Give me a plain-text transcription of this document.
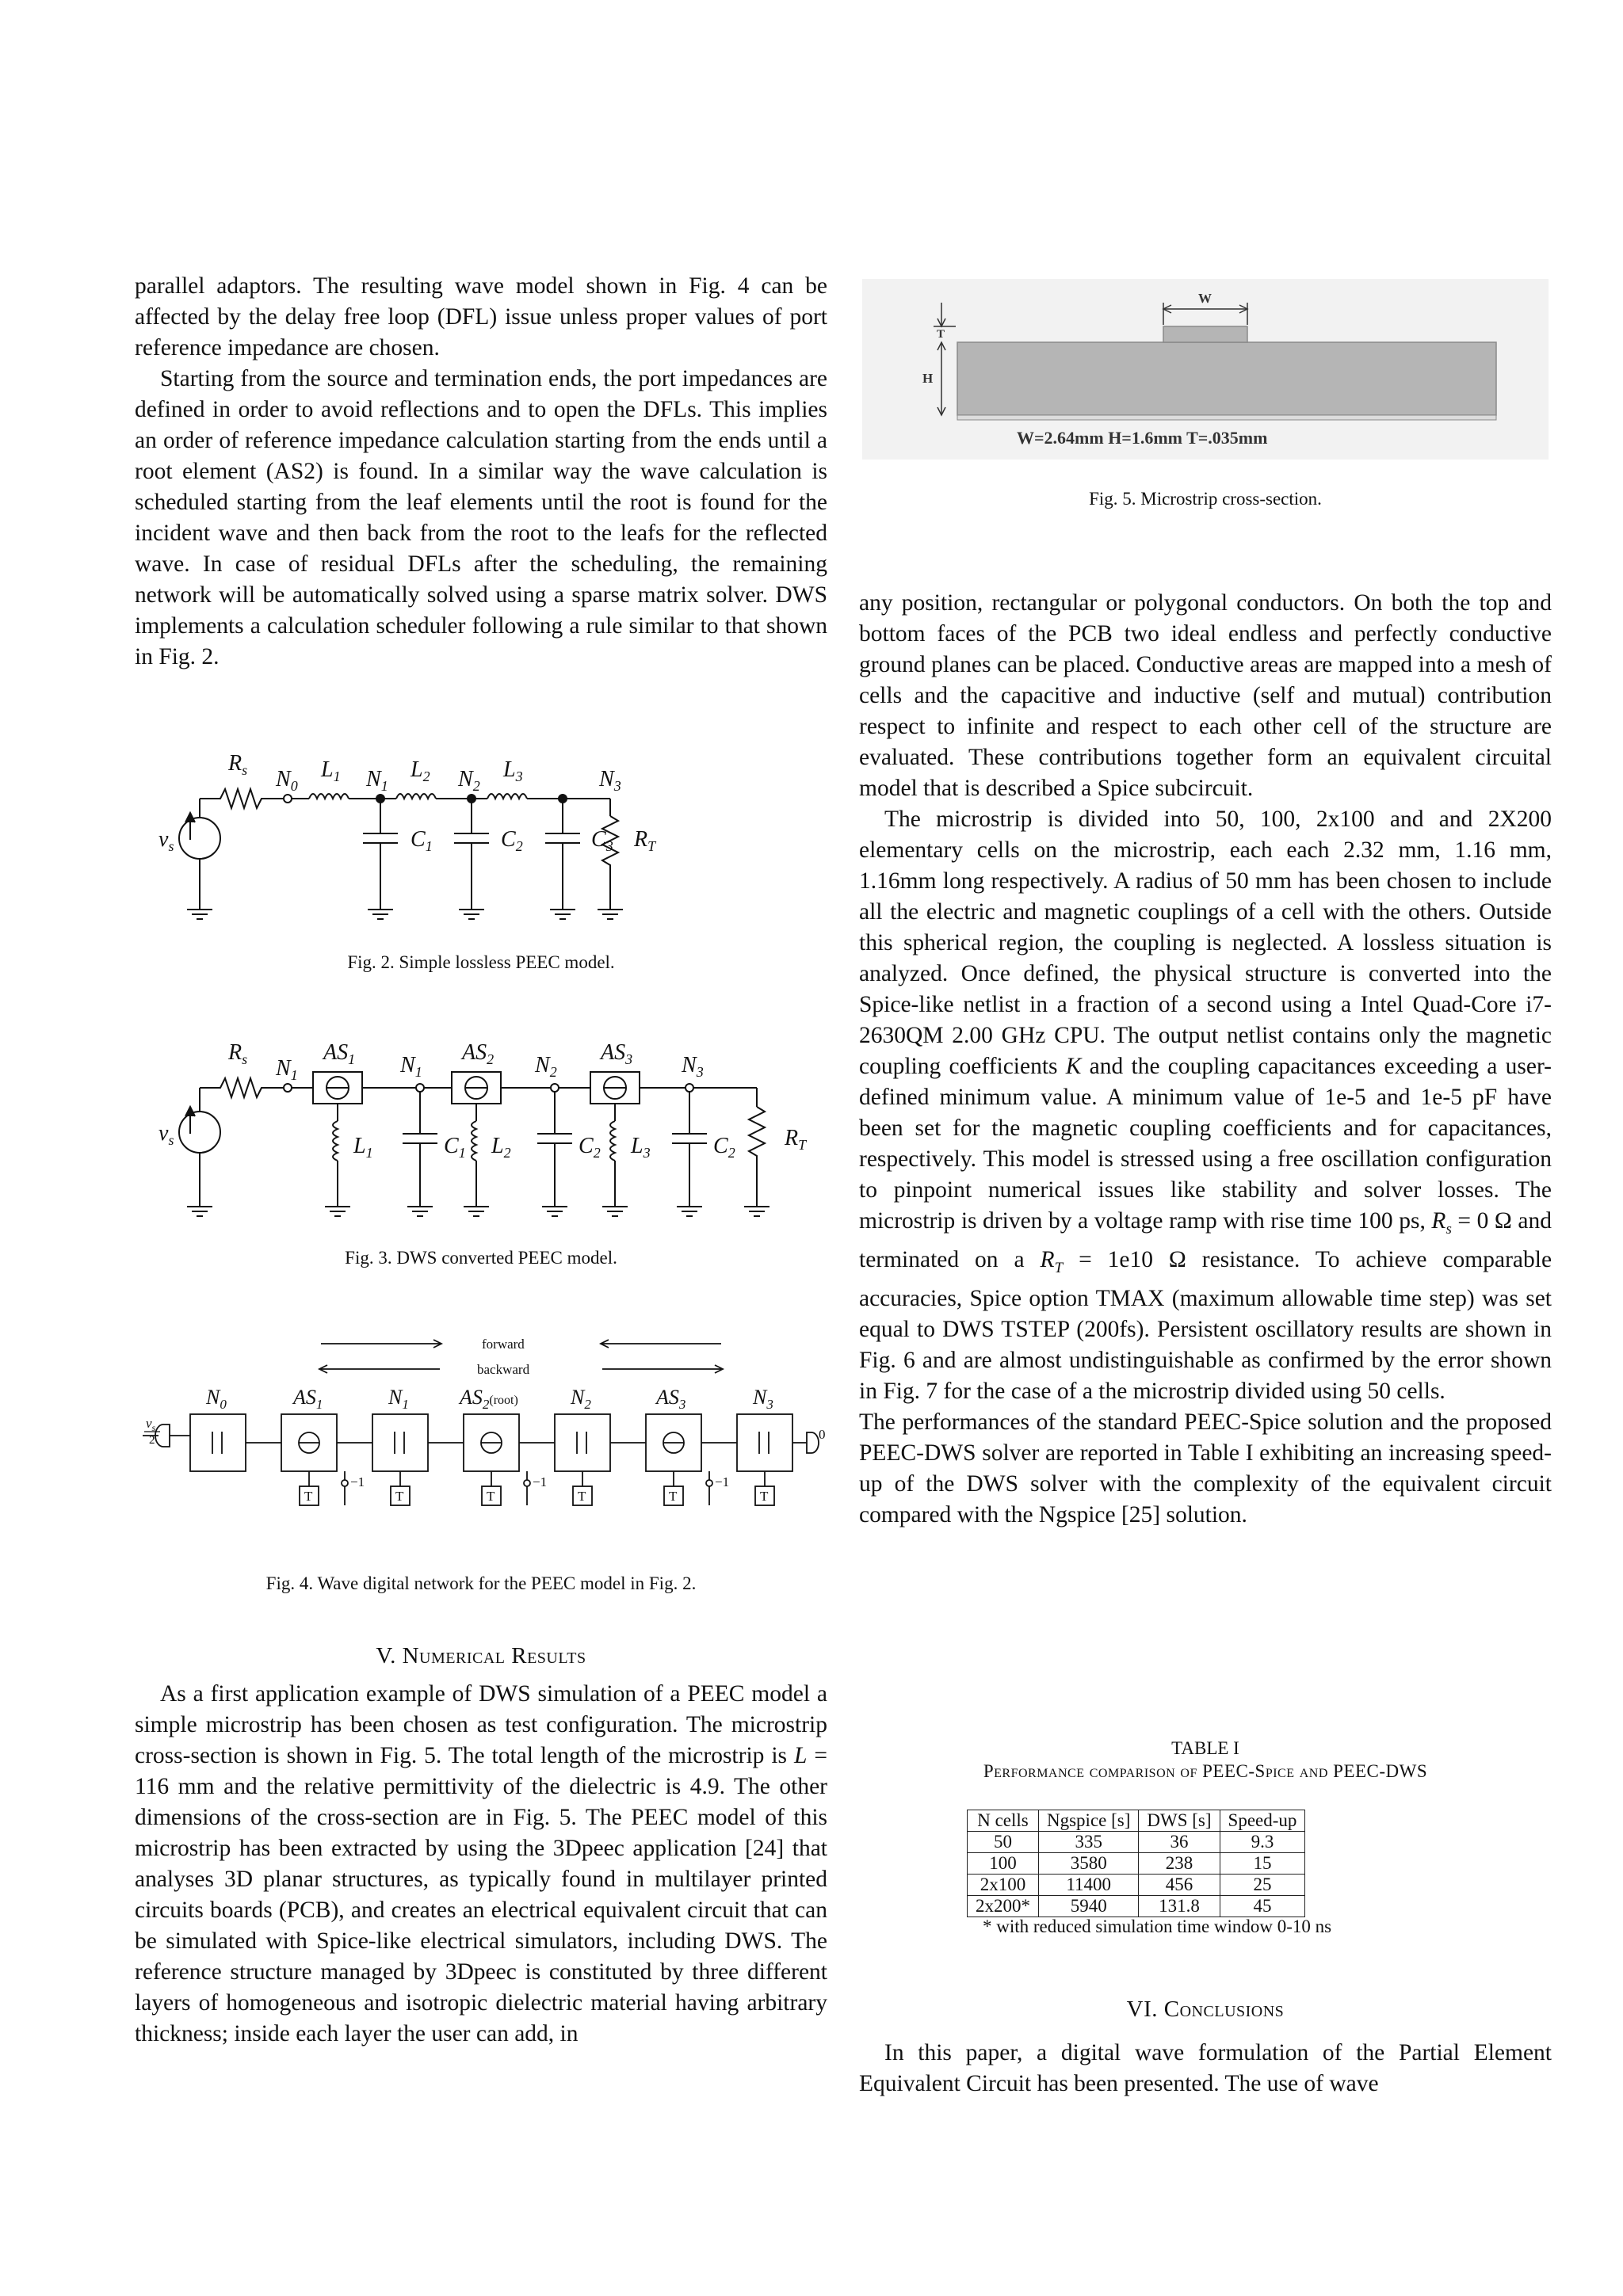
parallel adaptors. The resulting wave model shown in Fig. 4 can be affected by the delay free loop (DFL) issue unless proper values of port reference impedance are chosen.

Starting from the source and termination ends, the port impedances are defined in order to avoid reflections and to open the DFLs. This implies an order of reference impedance calculation starting from the ends until a root element (AS2) is found. In a similar way the wave calculation is scheduled starting from the leaf elements until the root is found for the incident wave and then back from the root to the leafs for the reflected wave. In case of residual DFLs after the scheduling, the remaining network will be automatically solved using a sparse matrix solver. DWS implements a calculation scheduler following a rule similar to that shown in Fig. 2.

$v_s$
$R_s$ $N_0$
$L_1$ $N_1$
$L_2$ $N_2$
$L_3$	$N_3$
$C_1$	$C_2$	$C_3$ $R_T$
Fig. 2. Simple lossless PEEC model.
$v_s$
$R_s$ $N_1$
$AS_1$ $N_1$
$AS_2$ $N_2$
$AS_3$ $N_3$
$L_1$	$C_1$ $L_2$	$C_2$ $L_3$	$C_2$
$R_T$
Fig. 3. DWS converted PEEC model.
forward
backward
T	T	T	T	T	T
−1	−1	−1
0
$N_0$	$AS_1$	$N_1$ $AS_2^{(root)}$	$N_2$	$AS_3$	$N_3$
$v_s$
2
Fig. 4. Wave digital network for the PEEC model in Fig. 2.
V. Numerical Results

As a first application example of DWS simulation of a PEEC model a simple microstrip has been chosen as test configuration. The microstrip cross-section is shown in Fig. 5. The total length of the microstrip is L = 116 mm and the relative permittivity of the dielectric is 4.9. The other dimensions of the cross-section are in Fig. 5. The PEEC model of this microstrip has been extracted by using the 3Dpeec application [24] that analyses 3D planar structures, as typically found in multilayer printed circuits boards (PCB), and creates an electrical equivalent circuit that can be simulated with Spice-like electrical simulators, including DWS. The reference structure managed by 3Dpeec is constituted by three different layers of homogeneous and isotropic dielectric material having arbitrary thickness; inside each layer the user can add, in

W
T
H
W=2.64mm H=1.6mm T=.035mm
Fig. 5. Microstrip cross-section.

any position, rectangular or polygonal conductors. On both the top and bottom faces of the PCB two ideal endless and perfectly conductive ground planes can be placed. Conductive areas are mapped into a mesh of cells and the capacitive and inductive (self and mutual) contribution respect to infinite and respect to each other cell of the structure are evaluated. These contributions together form an equivalent circuital model that is described a Spice subcircuit.

The microstrip is divided into 50, 100, 2x100 and and 2X200 elementary cells on the microstrip, each each 2.32 mm, 1.16 mm, 1.16mm long respectively. A radius of 50 mm has been chosen to include all the electric and magnetic couplings of a cell with the others. Outside this spherical region, the coupling is neglected. A lossless situation is analyzed. Once defined, the physical structure is converted into the Spice-like netlist in a fraction of a second using a Intel Quad-Core i7-2630QM 2.00 GHz CPU. The output netlist contains only the magnetic coupling coefficients K and the coupling capacitances exceeding a user-defined minimum value. A minimum value of 1e-5 and 1e-5 pF have been set for the magnetic coupling coefficients and for capacitances, respectively. This model is stressed using a free oscillation configuration to pinpoint numerical issues like stability and solver losses. The microstrip is driven by a voltage ramp with rise time 100 ps, $R_s = 0$ Ω and terminated on a $R_T = 1e10$ Ω resistance. To achieve comparable accuracies, Spice option TMAX (maximum allowable time step) was set equal to DWS TSTEP (200fs). Persistent oscillatory results are shown in Fig. 6 and are almost undistinguishable as confirmed by the error shown in Fig. 7 for the case of a the microstrip divided using 50 cells.

The performances of the standard PEEC-Spice solution and the proposed PEEC-DWS solver are reported in Table I exhibiting an increasing speed-up of the DWS solver with the complexity of the equivalent circuit compared with the Ngspice [25] solution.

TABLE I
Performance comparison of PEEC-Spice and PEEC-DWS
N cells	Ngspice [s]	DWS [s]	Speed-up
50	335	36	9.3
100	3580	238	15
2x100	11400	456	25
2x200*	5940	131.8	45
* with reduced simulation time window 0-10 ns
VI. Conclusions

In this paper, a digital wave formulation of the Partial Element Equivalent Circuit has been presented. The use of wave
